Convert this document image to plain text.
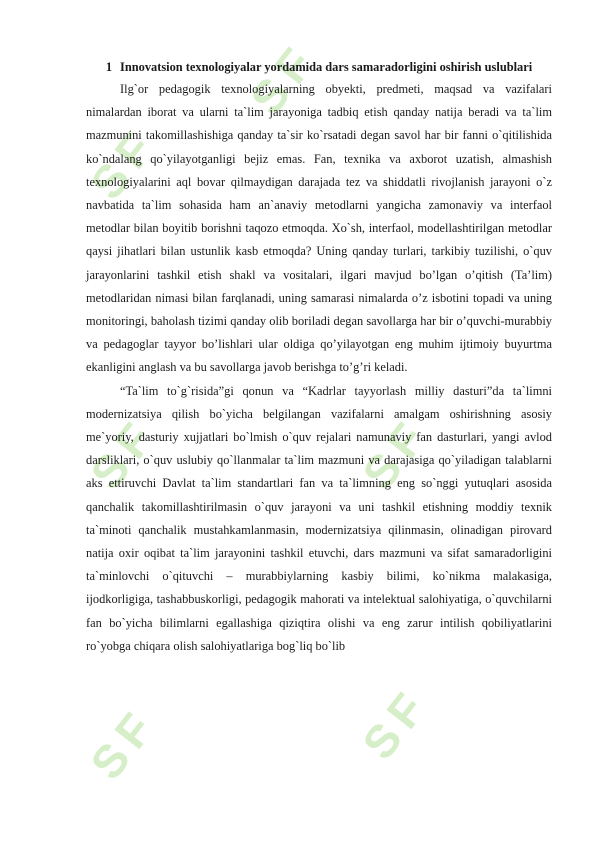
S F
S F
S F	S F
S F	S F
1 Innovatsion texnologiyalar yordamida dars samaradorligini oshirish uslublari

Ilg`or pedagogik texnologiyalarning obyekti, predmeti, maqsad va vazifalari nimalardan iborat va ularni ta`lim jarayoniga tadbiq etish qanday natija beradi va ta`lim mazmunini takomillashishiga qanday ta`sir ko`rsatadi degan savol har bir fanni o`qitilishida ko`ndalang qo`yilayotganligi bejiz emas. Fan, texnika va axborot uzatish, almashish texnologiyalarini aql bovar qilmaydigan darajada tez va shiddatli rivojlanish jarayoni o`z navbatida ta`lim sohasida ham an`anaviy metodlarni yangicha zamonaviy va interfaol metodlar bilan boyitib borishni taqozo etmoqda. Xo`sh, interfaol, modellashtirilgan metodlar qaysi jihatlari bilan ustunlik kasb etmoqda? Uning qanday turlari, tarkibiy tuzilishi, o`quv jarayonlarini tashkil etish shakl va vositalari, ilgari mavjud bo’lgan o’qitish (Ta’lim) metodlaridan nimasi bilan farqlanadi, uning samarasi nimalarda o’z isbotini topadi va uning monitoringi, baholash tizimi qanday olib boriladi degan savollarga har bir o’quvchi-murabbiy va pedagoglar tayyor bo’lishlari ular oldiga qo’yilayotgan eng muhim ijtimoiy buyurtma ekanligini anglash va bu savollarga javob berishga to’g’ri keladi.

“Ta`lim to`g`risida”gi qonun va “Kadrlar tayyorlash milliy dasturi”da ta`limni modernizatsiya qilish bo`yicha belgilangan vazifalarni amalgam oshirishning asosiy me`yoriy, dasturiy xujjatlari bo`lmish o`quv rejalari namunaviy fan dasturlari, yangi avlod darsliklari, o`quv uslubiy qo`llanmalar ta`lim mazmuni va darajasiga qo`yiladigan talablarni aks ettiruvchi Davlat ta`lim standartlari fan va ta`limning eng so`nggi yutuqlari asosida qanchalik takomillashtirilmasin o`quv jarayoni va uni tashkil etishning moddiy texnik ta`minoti qanchalik mustahkamlanmasin, modernizatsiya qilinmasin, olinadigan pirovard natija oxir oqibat ta`lim jarayonini tashkil etuvchi, dars mazmuni va sifat samaradorligini ta`minlovchi o`qituvchi – murabbiylarning kasbiy bilimi, ko`nikma malakasiga, ijodkorligiga, tashabbuskorligi, pedagogik mahorati va intelektual salohiyatiga, o`quvchilarni fan bo`yicha bilimlarni egallashiga qiziqtira olishi va eng zarur intilish qobiliyatlarini ro`yobga chiqara olish salohiyatlariga bog`liq bo`lib
